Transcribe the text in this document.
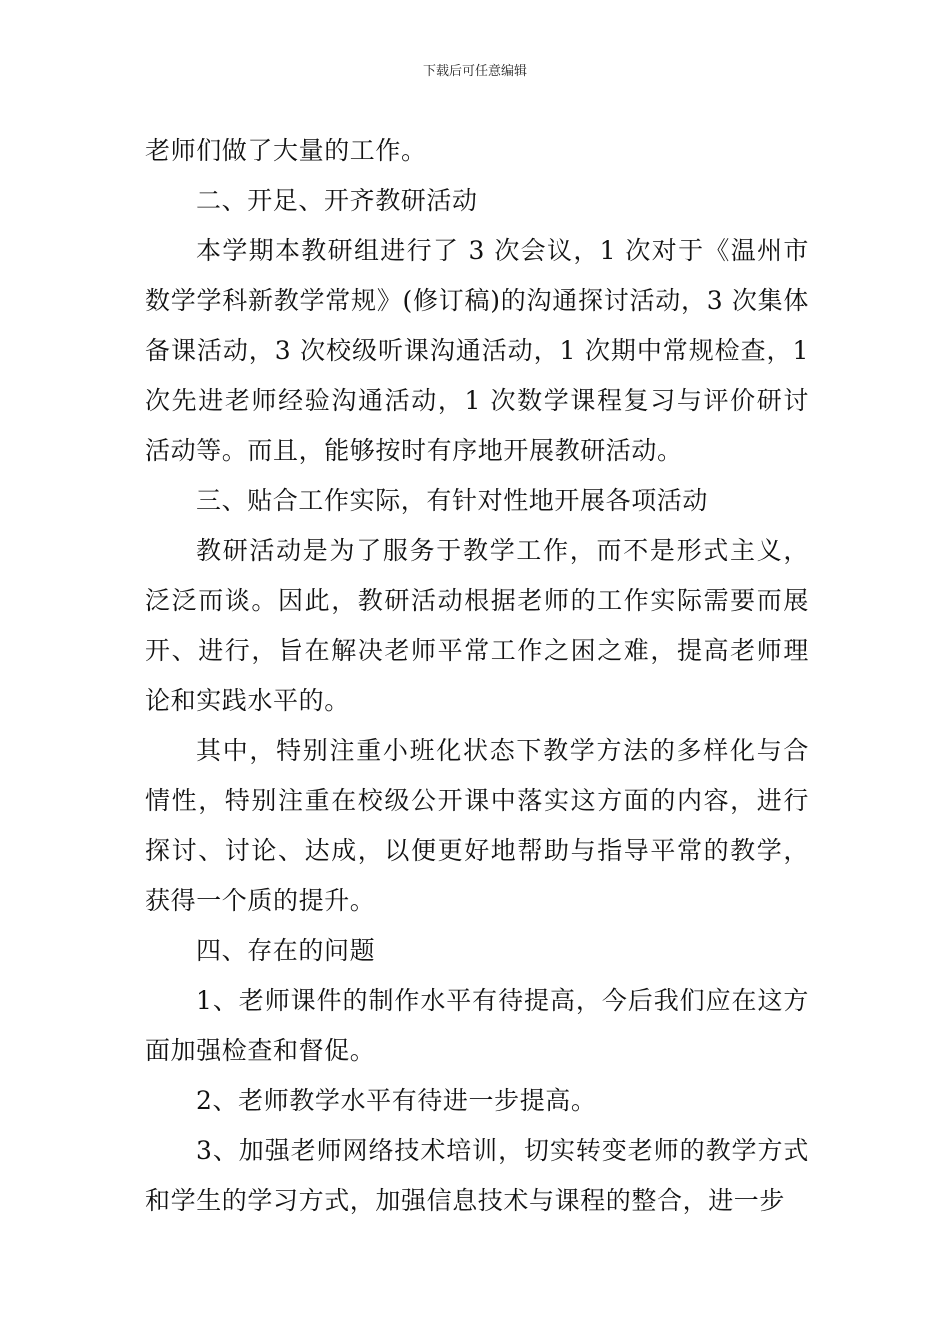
下载后可任意编辑

老师们做了大量的工作。

二、开足、开齐教研活动

本学期本教研组进行了 3 次会议，1 次对于《温州市数学学科新教学常规》(修订稿)的沟通探讨活动，3 次集体备课活动，3 次校级听课沟通活动，1 次期中常规检查，1 次先进老师经验沟通活动，1 次数学课程复习与评价研讨活动等。而且，能够按时有序地开展教研活动。

三、贴合工作实际，有针对性地开展各项活动

教研活动是为了服务于教学工作，而不是形式主义，泛泛而谈。因此，教研活动根据老师的工作实际需要而展开、进行，旨在解决老师平常工作之困之难，提高老师理论和实践水平的。

其中，特别注重小班化状态下教学方法的多样化与合情性，特别注重在校级公开课中落实这方面的内容，进行探讨、讨论、达成，以便更好地帮助与指导平常的教学，获得一个质的提升。

四、存在的问题

1、老师课件的制作水平有待提高，今后我们应在这方面加强检查和督促。

2、老师教学水平有待进一步提高。

3、加强老师网络技术培训，切实转变老师的教学方式和学生的学习方式，加强信息技术与课程的整合，进一步
